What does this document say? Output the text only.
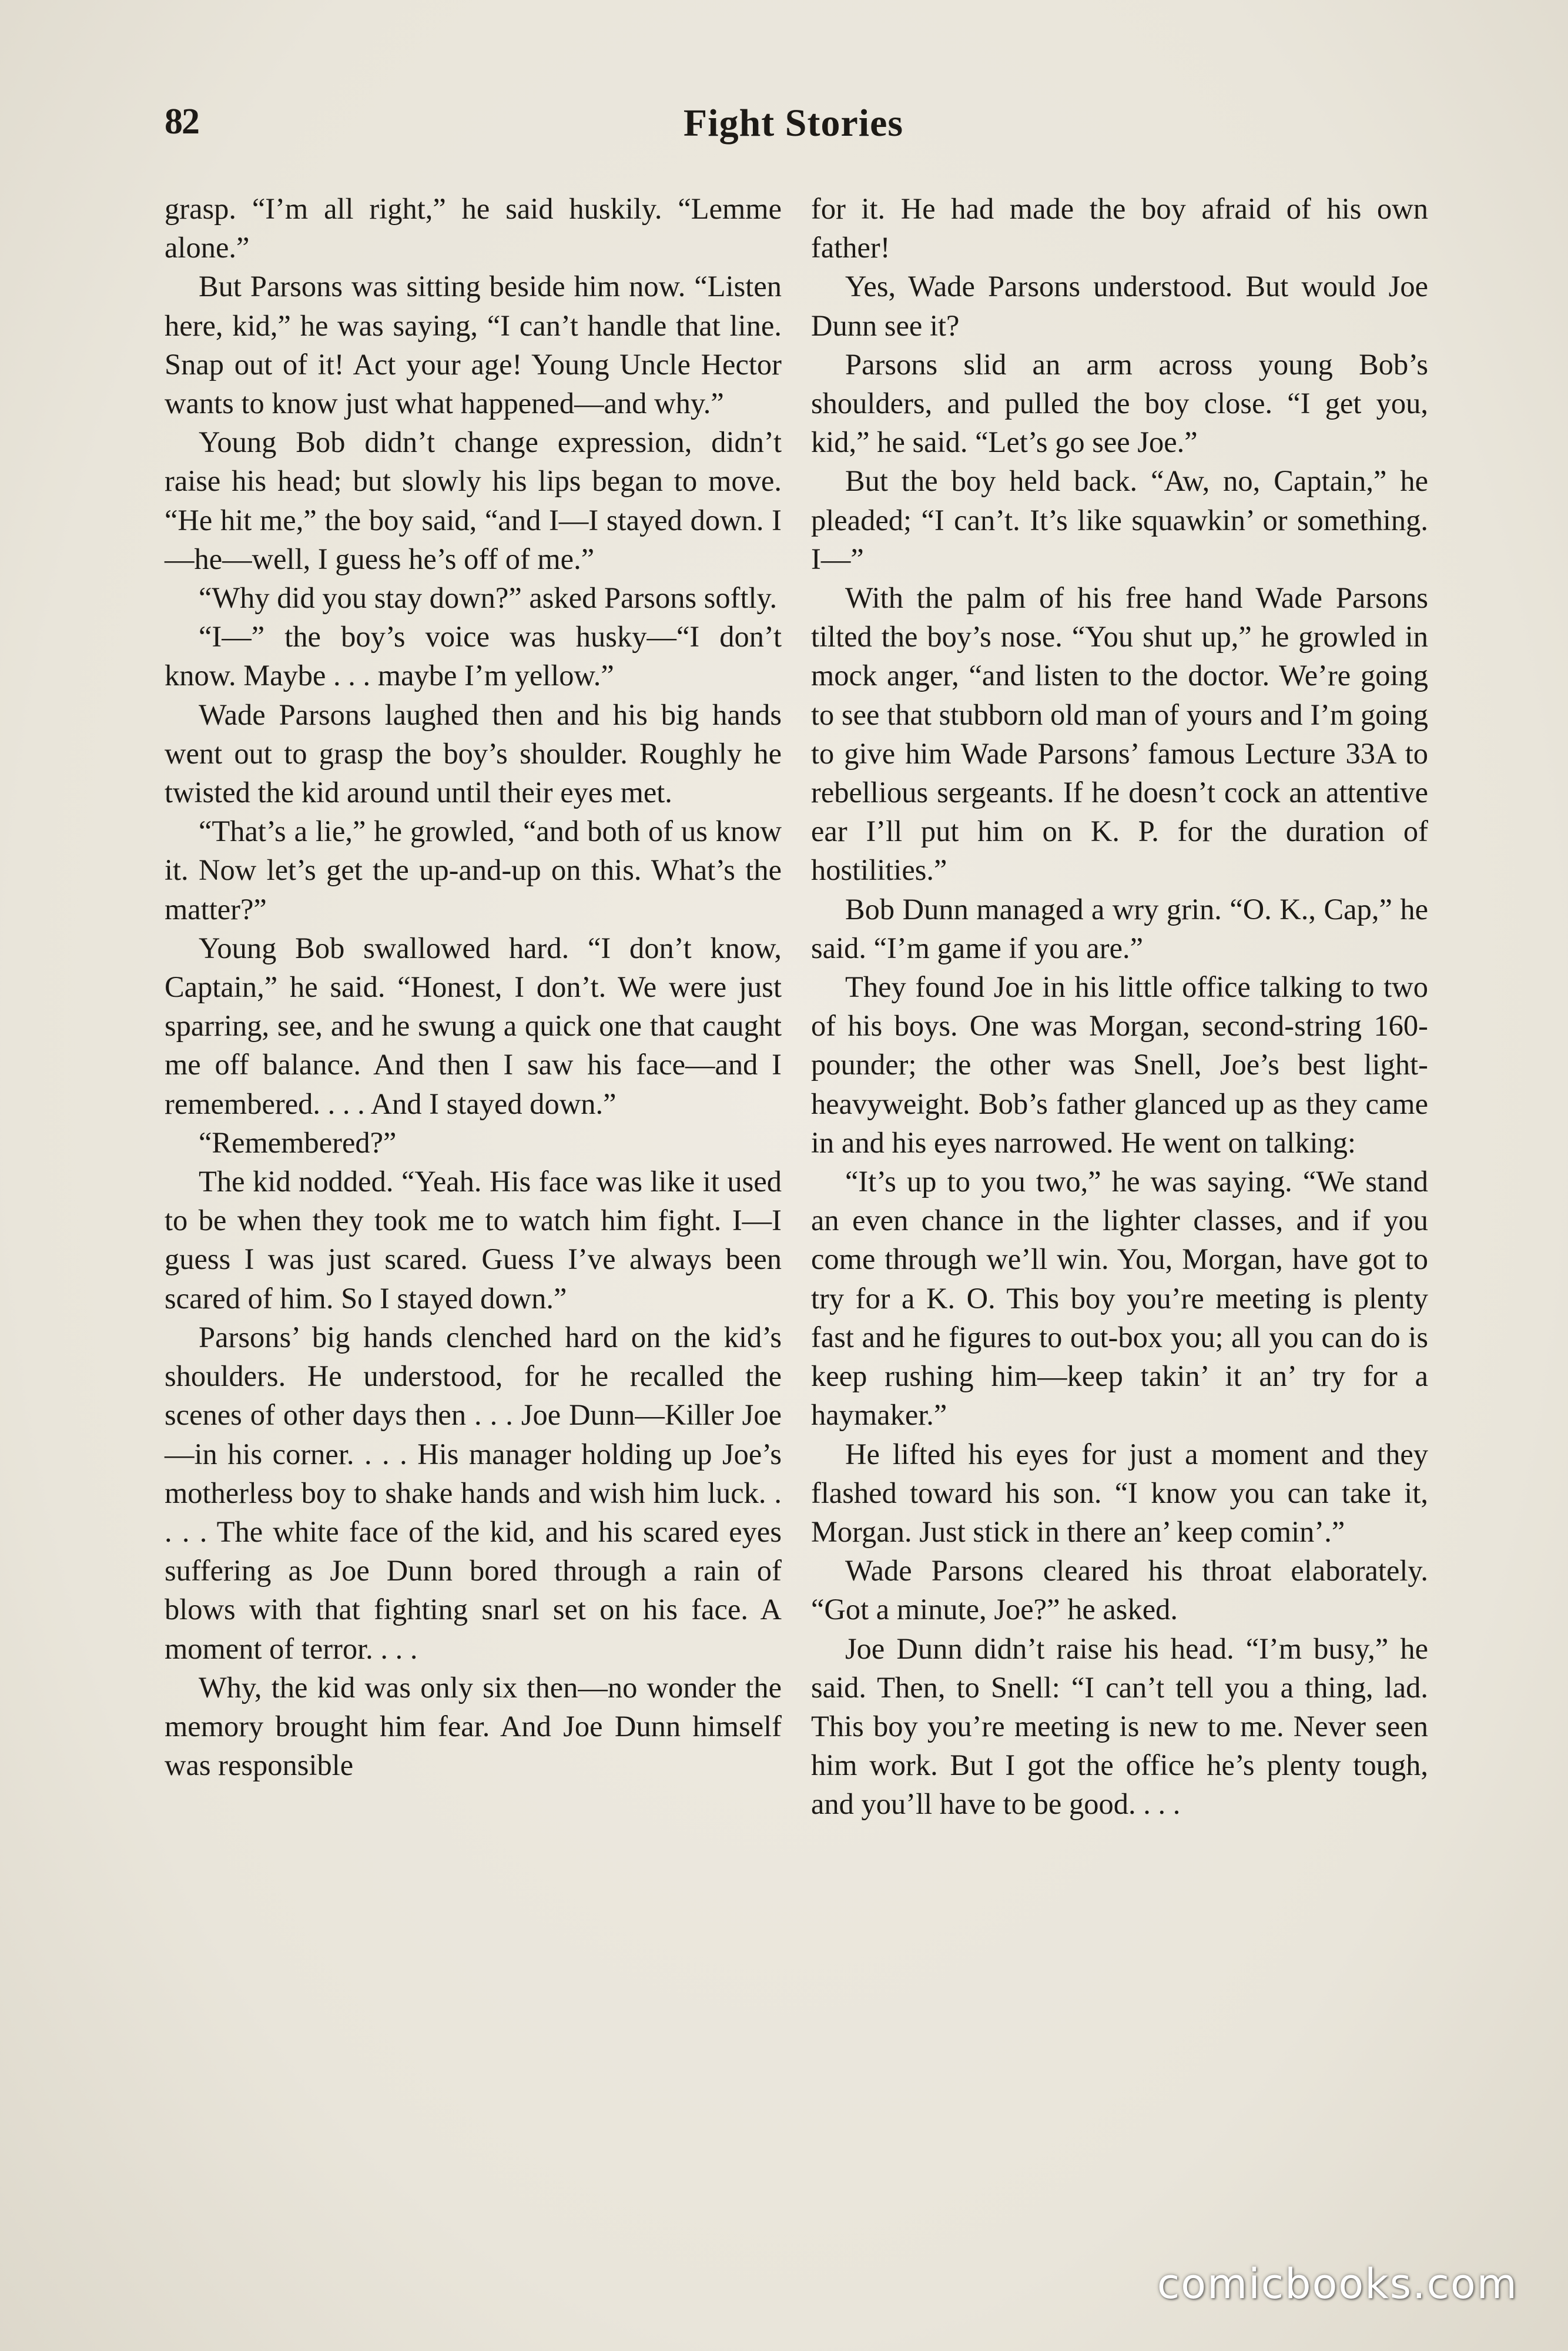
82	Fight Stories

grasp. “I’m all right,” he said huskily. “Lemme alone.”

But Parsons was sitting beside him now. “Listen here, kid,” he was saying, “I can’t handle that line. Snap out of it! Act your age! Young Uncle Hector wants to know just what happened—and why.”

Young Bob didn’t change expression, didn’t raise his head; but slowly his lips began to move. “He hit me,” the boy said, “and I—I stayed down. I—he—well, I guess he’s off of me.”

“Why did you stay down?” asked Parsons softly.

“I—” the boy’s voice was husky—“I don’t know. Maybe . . . maybe I’m yellow.”

Wade Parsons laughed then and his big hands went out to grasp the boy’s shoulder. Roughly he twisted the kid around until their eyes met.

“That’s a lie,” he growled, “and both of us know it. Now let’s get the up-and-up on this. What’s the matter?”

Young Bob swallowed hard. “I don’t know, Captain,” he said. “Honest, I don’t. We were just sparring, see, and he swung a quick one that caught me off balance. And then I saw his face—and I remembered. . . . And I stayed down.”

“Remembered?”

The kid nodded. “Yeah. His face was like it used to be when they took me to watch him fight. I—I guess I was just scared. Guess I’ve always been scared of him. So I stayed down.”

Parsons’ big hands clenched hard on the kid’s shoulders. He understood, for he recalled the scenes of other days then . . . Joe Dunn—Killer Joe—in his corner. . . . His manager holding up Joe’s motherless boy to shake hands and wish him luck. . . . . The white face of the kid, and his scared eyes suffering as Joe Dunn bored through a rain of blows with that fighting snarl set on his face. A moment of terror. . . .

Why, the kid was only six then—no wonder the memory brought him fear. And Joe Dunn himself was responsible

for it. He had made the boy afraid of his own father!

Yes, Wade Parsons understood. But would Joe Dunn see it?

Parsons slid an arm across young Bob’s shoulders, and pulled the boy close. “I get you, kid,” he said. “Let’s go see Joe.”

But the boy held back. “Aw, no, Captain,” he pleaded; “I can’t. It’s like squawkin’ or something. I—”

With the palm of his free hand Wade Parsons tilted the boy’s nose. “You shut up,” he growled in mock anger, “and listen to the doctor. We’re going to see that stubborn old man of yours and I’m going to give him Wade Parsons’ famous Lecture 33A to rebellious sergeants. If he doesn’t cock an attentive ear I’ll put him on K. P. for the duration of hostilities.”

Bob Dunn managed a wry grin. “O. K., Cap,” he said. “I’m game if you are.”

They found Joe in his little office talking to two of his boys. One was Morgan, second-string 160-pounder; the other was Snell, Joe’s best light-heavyweight. Bob’s father glanced up as they came in and his eyes narrowed. He went on talking:

“It’s up to you two,” he was saying. “We stand an even chance in the lighter classes, and if you come through we’ll win. You, Morgan, have got to try for a K. O. This boy you’re meeting is plenty fast and he figures to out-box you; all you can do is keep rushing him—keep takin’ it an’ try for a haymaker.”

He lifted his eyes for just a moment and they flashed toward his son. “I know you can take it, Morgan. Just stick in there an’ keep comin’.”

Wade Parsons cleared his throat elaborately. “Got a minute, Joe?” he asked.

Joe Dunn didn’t raise his head. “I’m busy,” he said. Then, to Snell: “I can’t tell you a thing, lad. This boy you’re meeting is new to me. Never seen him work. But I got the office he’s plenty tough, and you’ll have to be good. . . .

comicbooks.com
